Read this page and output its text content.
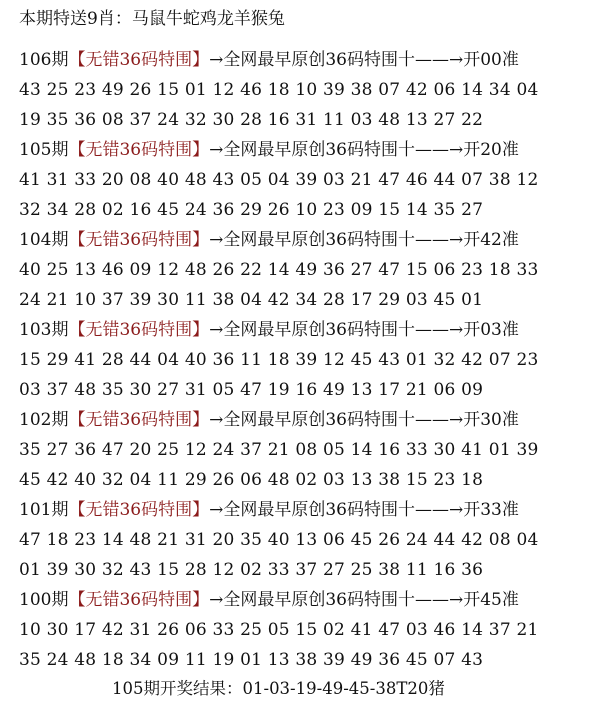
本期特送9肖：马鼠牛蛇鸡龙羊猴兔
106期【无错36码特围】→全网最早原创36码特围十——→开00准
43 25 23 49 26 15 01 12 46 18 10 39 38 07 42 06 14 34 04
19 35 36 08 37 24 32 30 28 16 31 11 03 48 13 27 22
105期【无错36码特围】→全网最早原创36码特围十——→开20准
41 31 33 20 08 40 48 43 05 04 39 03 21 47 46 44 07 38 12
32 34 28 02 16 45 24 36 29 26 10 23 09 15 14 35 27
104期【无错36码特围】→全网最早原创36码特围十——→开42准
40 25 13 46 09 12 48 26 22 14 49 36 27 47 15 06 23 18 33
24 21 10 37 39 30 11 38 04 42 34 28 17 29 03 45 01
103期【无错36码特围】→全网最早原创36码特围十——→开03准
15 29 41 28 44 04 40 36 11 18 39 12 45 43 01 32 42 07 23
03 37 48 35 30 27 31 05 47 19 16 49 13 17 21 06 09
102期【无错36码特围】→全网最早原创36码特围十——→开30准
35 27 36 47 20 25 12 24 37 21 08 05 14 16 33 30 41 01 39
45 42 40 32 04 11 29 26 06 48 02 03 13 38 15 23 18
101期【无错36码特围】→全网最早原创36码特围十——→开33准
47 18 23 14 48 21 31 20 35 40 13 06 45 26 24 44 42 08 04
01 39 30 32 43 15 28 12 02 33 37 27 25 38 11 16 36
100期【无错36码特围】→全网最早原创36码特围十——→开45准
10 30 17 42 31 26 06 33 25 05 15 02 41 47 03 46 14 37 21
35 24 48 18 34 09 11 19 01 13 38 39 49 36 45 07 43
105期开奖结果：01-03-19-49-45-38T20猪
